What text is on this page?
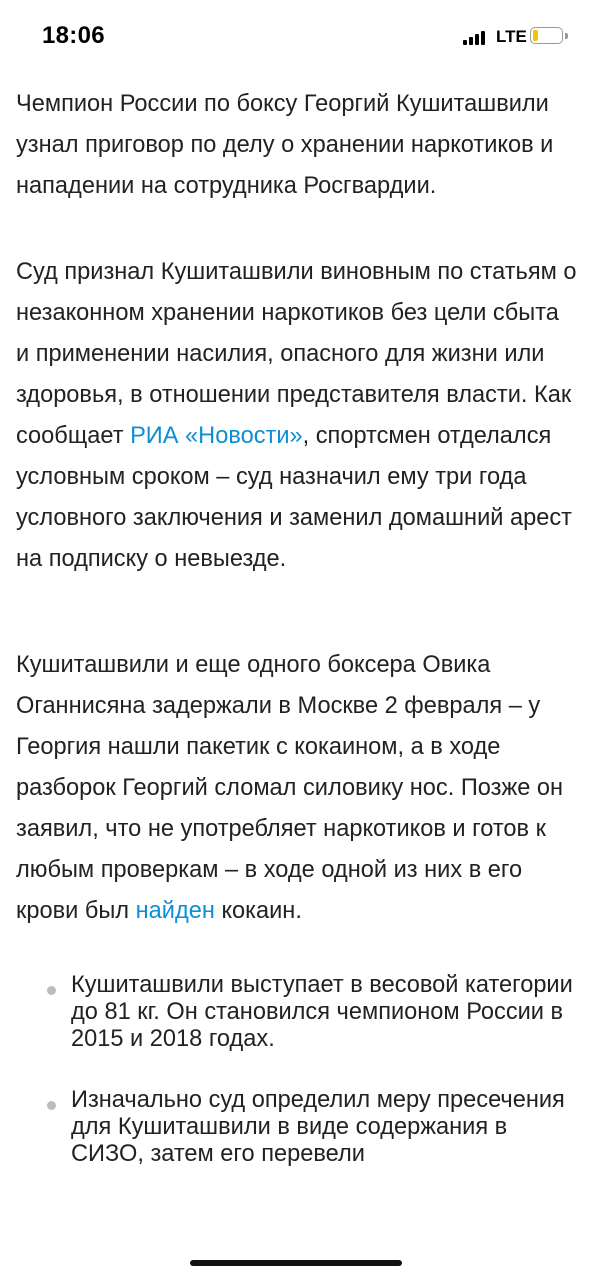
18:06	LTE

Чемпион России по боксу Георгий Кушиташвили узнал приговор по делу о хранении наркотиков и нападении на сотрудника Росгвардии.

Суд признал Кушиташвили виновным по статьям о незаконном хранении наркотиков без цели сбыта и применении насилия, опасного для жизни или здоровья, в отношении представителя власти. Как сообщает РИА «Новости», спортсмен отделался условным сроком – суд назначил ему три года условного заключения и заменил домашний арест на подписку о невыезде.

Кушиташвили и еще одного боксера Овика Оганнисяна задержали в Москве 2 февраля – у Георгия нашли пакетик с кокаином, а в ходе разборок Георгий сломал силовику нос. Позже он заявил, что не употребляет наркотиков и готов к любым проверкам – в ходе одной из них в его крови был найден кокаин.

Кушиташвили выступает в весовой категории до 81 кг. Он становился чемпионом России в 2015 и 2018 годах.
Изначально суд определил меру пресечения для Кушиташвили в виде содержания в СИЗО, затем его перевели
